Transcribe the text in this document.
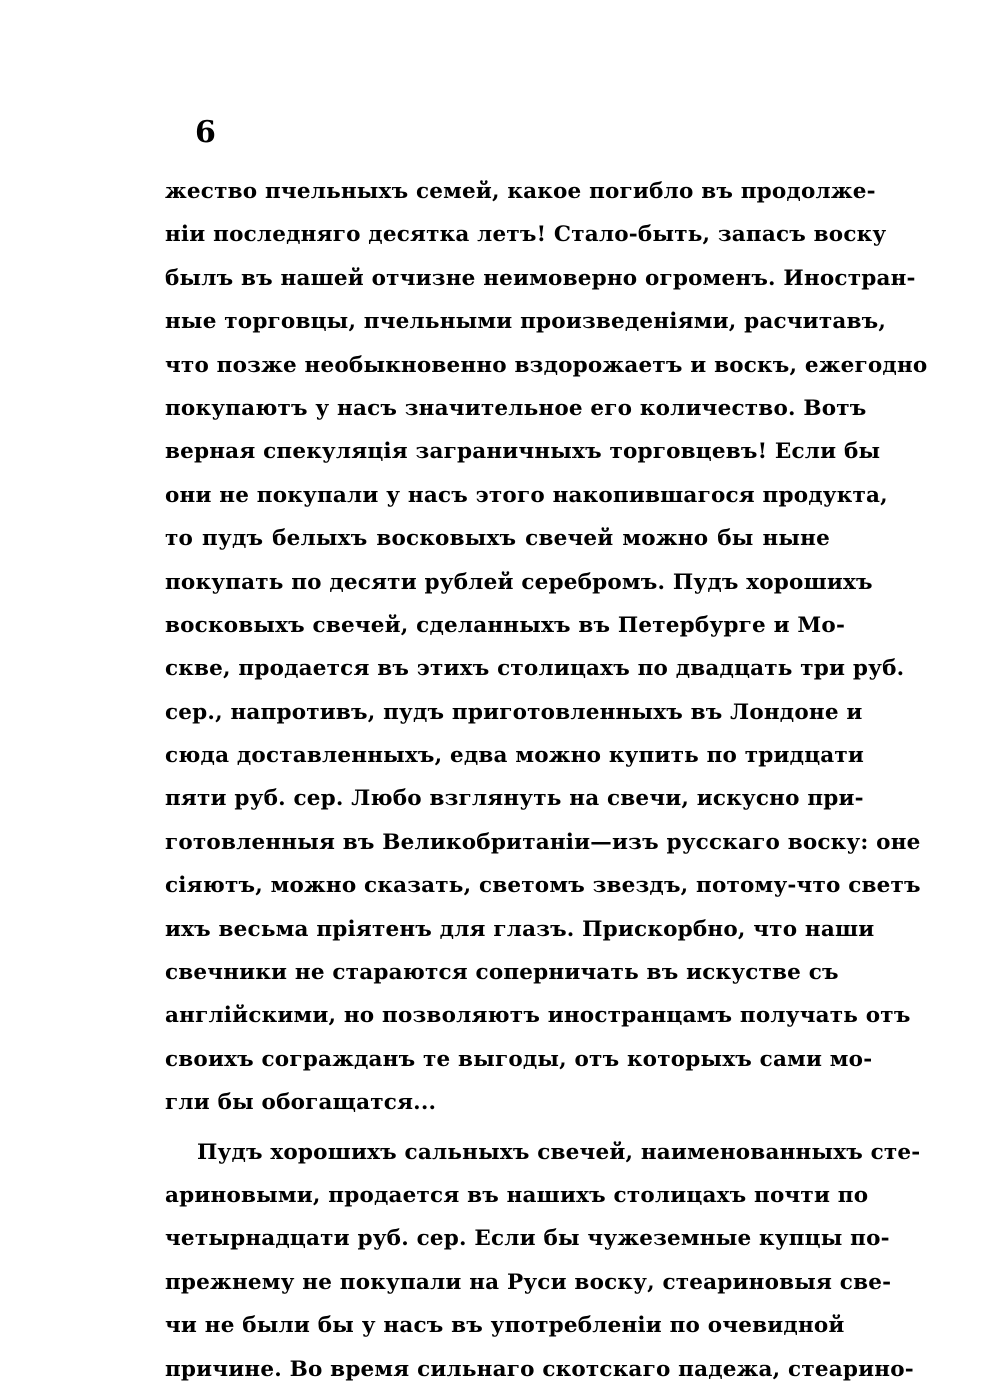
6
жество пчельныхъ семей, какое погибло въ продолже-
нiи последняго десятка летъ! Стало-быть, запасъ воску
былъ въ нашей отчизне неимоверно огроменъ. Иностран-
ные торговцы, пчельными произведенiями, расчитавъ,
что позже необыкновенно вздорожаетъ и воскъ, ежегодно
покупаютъ у насъ значительное его количество. Вотъ
верная спекуляцiя заграничныхъ торговцевъ! Если бы
они не покупали у насъ этого накопившагося продукта,
то пудъ белыхъ восковыхъ свечей можно бы ныне
покупать по десяти рублей серебромъ. Пудъ хорошихъ
восковыхъ свечей, сделанныхъ въ Петербурге и Мо-
скве, продается въ этихъ столицахъ по двадцать три руб.
сер., напротивъ, пудъ приготовленныхъ въ Лондоне и
сюда доставленныхъ, едва можно купить по тридцати
пяти руб. сер. Любо взглянуть на свечи, искусно при-
готовленныя въ Великобританiи—изъ русскаго воску: оне
сiяютъ, можно сказать, светомъ звездъ, потому-что светъ
ихъ весьма прiятенъ для глазъ. Прискорбно, что наши
свечники не стараются соперничать въ искустве съ
англiйскими, но позволяютъ иностранцамъ получать отъ
своихъ согражданъ те выгоды, отъ которыхъ сами мо-
гли бы обогащатся...
Пудъ хорошихъ сальныхъ свечей, наименованныхъ сте-
ариновыми, продается въ нашихъ столицахъ почти по
четырнадцати руб. сер. Если бы чужеземные купцы по-
прежнему не покупали на Руси воску, стеариновыя све-
чи не были бы у насъ въ употребленiи по очевидной
причине. Во время сильнаго скотскаго падежа, стеарино-
